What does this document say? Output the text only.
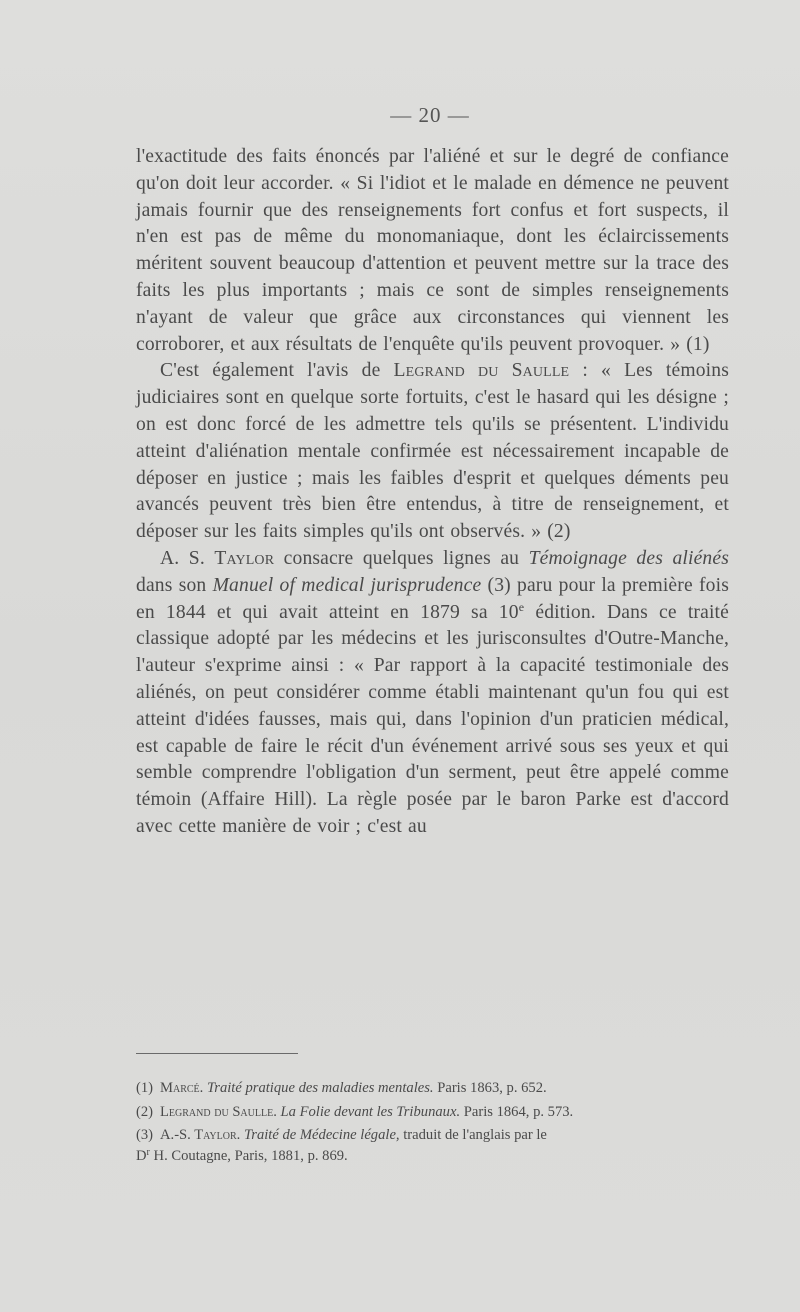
— 20 —

l'exactitude des faits énoncés par l'aliéné et sur le degré de confiance qu'on doit leur accorder. « Si l'idiot et le malade en démence ne peuvent jamais fournir que des renseignements fort confus et fort suspects, il n'en est pas de même du monomaniaque, dont les éclaircissements méritent souvent beaucoup d'attention et peuvent mettre sur la trace des faits les plus importants ; mais ce sont de simples renseignements n'ayant de valeur que grâce aux circonstances qui viennent les corroborer, et aux résultats de l'enquête qu'ils peuvent provoquer. » (1)

C'est également l'avis de Legrand du Saulle : « Les témoins judiciaires sont en quelque sorte fortuits, c'est le hasard qui les désigne ; on est donc forcé de les admettre tels qu'ils se présentent. L'individu atteint d'aliénation mentale confirmée est nécessairement incapable de déposer en justice ; mais les faibles d'esprit et quelques déments peu avancés peuvent très bien être entendus, à titre de renseignement, et déposer sur les faits simples qu'ils ont observés. » (2)

A. S. Taylor consacre quelques lignes au Témoignage des aliénés dans son Manuel of medical jurisprudence (3) paru pour la première fois en 1844 et qui avait atteint en 1879 sa 10e édition. Dans ce traité classique adopté par les médecins et les jurisconsultes d'Outre-Manche, l'auteur s'exprime ainsi : « Par rapport à la capacité testimoniale des aliénés, on peut considérer comme établi maintenant qu'un fou qui est atteint d'idées fausses, mais qui, dans l'opinion d'un praticien médical, est capable de faire le récit d'un événement arrivé sous ses yeux et qui semble comprendre l'obligation d'un serment, peut être appelé comme témoin (Affaire Hill). La règle posée par le baron Parke est d'accord avec cette manière de voir ; c'est au

(1) Marcé. Traité pratique des maladies mentales. Paris 1863, p. 652.

(2) Legrand du Saulle. La Folie devant les Tribunaux. Paris 1864, p. 573.

(3) A.-S. Taylor. Traité de Médecine légale, traduit de l'anglais par le
$D^r$ H. Coutagne, Paris, 1881, p. 869.
